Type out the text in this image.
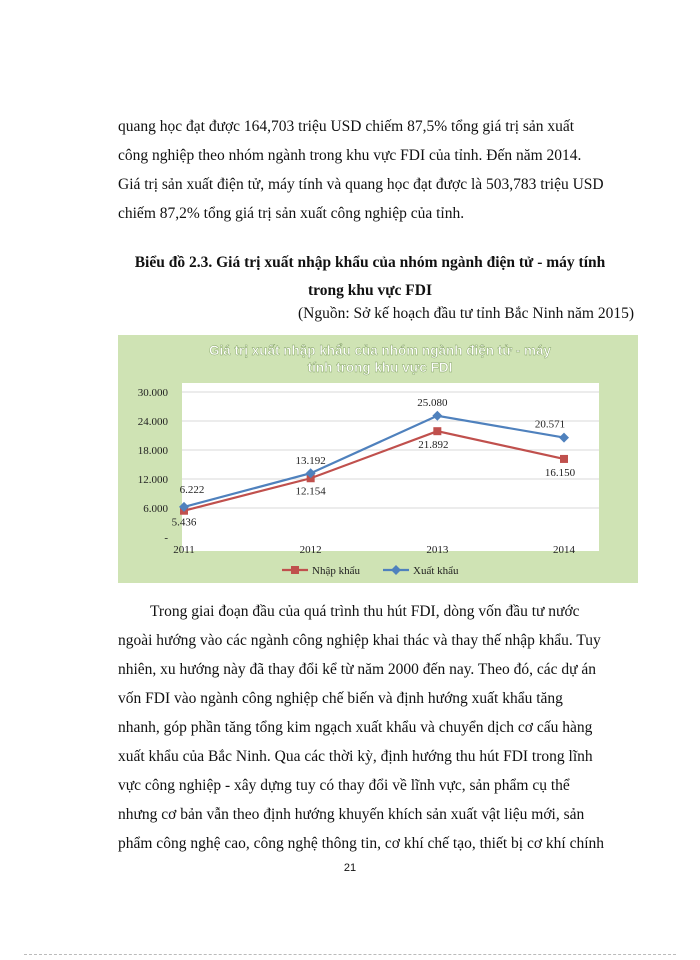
quang học đạt được 164,703 triệu USD chiếm 87,5% tổng giá trị sản xuất

công nghiệp theo nhóm ngành trong khu vực FDI của tỉnh. Đến năm 2014.

Giá trị sản xuất điện tử, máy tính và quang học đạt được là 503,783 triệu USD

chiếm 87,2% tổng giá trị sản xuất công nghiệp của tỉnh.

Biểu đồ 2.3. Giá trị xuất nhập khẩu của nhóm ngành điện tử - máy tính
trong khu vực FDI
(Nguồn: Sở kế hoạch đầu tư tỉnh Bắc Ninh năm 2015)
Giá trị xuất nhập khẩu của nhóm ngành điện tử - máy
tính trong khu vực FDI
-
6.000
12.000
18.000
24.000
30.000
2011	2012	2013	2014
5.436
12.154
21.892
16.150
6.222
13.192
25.080
20.571
Nhập khẩu	Xuất khẩu

Trong giai đoạn đầu của quá trình thu hút FDI, dòng vốn đầu tư nước

ngoài hướng vào các ngành công nghiệp khai thác và thay thế nhập khẩu. Tuy
nhiên, xu hướng này đã thay đổi kể từ năm 2000 đến nay. Theo đó, các dự án
vốn FDI vào ngành công nghiệp chế biến và định hướng xuất khẩu tăng
nhanh, góp phần tăng tổng kim ngạch xuất khẩu và chuyển dịch cơ cấu hàng
xuất khẩu của Bắc Ninh. Qua các thời kỳ, định hướng thu hút FDI trong lĩnh
vực công nghiệp - xây dựng tuy có thay đổi về lĩnh vực, sản phẩm cụ thể
nhưng cơ bản vẫn theo định hướng khuyến khích sản xuất vật liệu mới, sản
phẩm công nghệ cao, công nghệ thông tin, cơ khí chế tạo, thiết bị cơ khí chính
21
